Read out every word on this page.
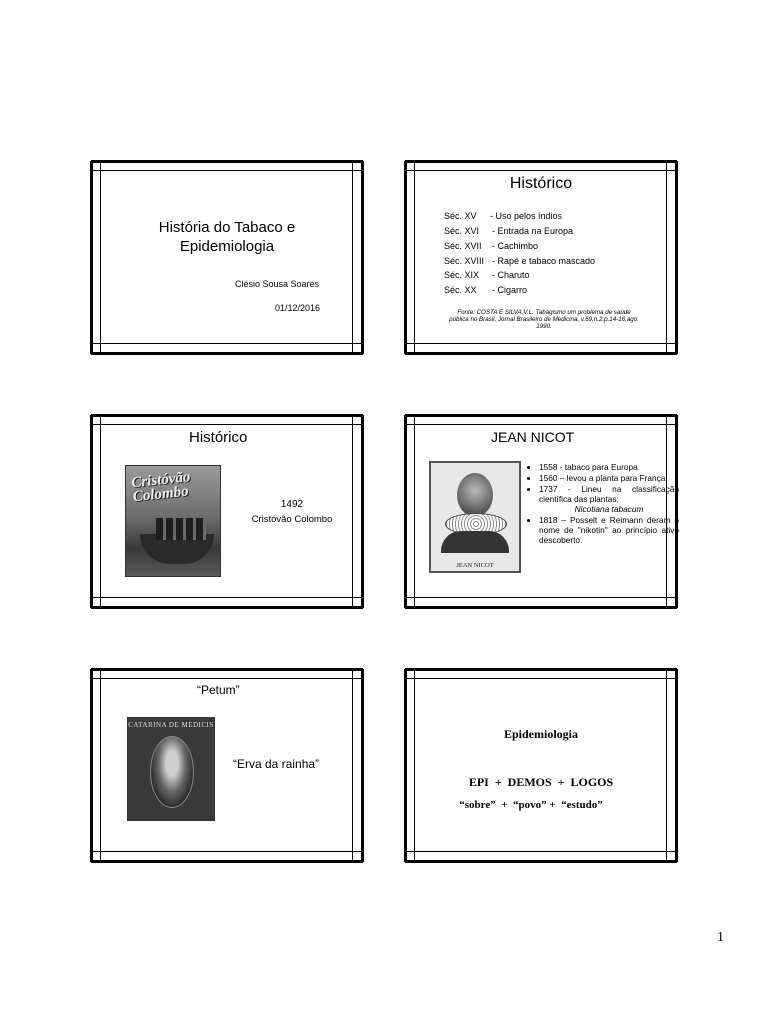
História do Tabaco e
Epidemiologia
Clésio Sousa Soares
01/12/2016
Histórico
Séc. XV - Uso pelos índios
Séc. XVI - Entrada na Europa
Séc. XVII - Cachimbo
Séc. XVIII - Rapé e tabaco mascado
Séc. XIX - Charuto
Séc. XX - Cigarro
Fonte: COSTA E SILVA,V.L. Tabagismo um problema de saúde
pública no Brasil, Jornal Brasileiro de Medicina, v.69,n.2,p.14-16,ago.
1990.
Histórico
Cristóvão Colombo	1492
Cristóvão Colombo
JEAN NICOT
JEAN NICOT
• 1558 - tabaco para Europa
• 1560 – levou a planta para França
• 1737 - Lineu na classificação científica das plantas:
Nicotiana tabacum
• 1818 – Posselt e Reimann deram o nome de "nikotin" ao princípio ativo descoberto.
“Petum”
CATARINA DE MEDICIS
“Erva da rainha”
Epidemiologia
EPI  +  DEMOS  +  LOGOS
“sobre”  +  “povo” +  “estudo”
1
